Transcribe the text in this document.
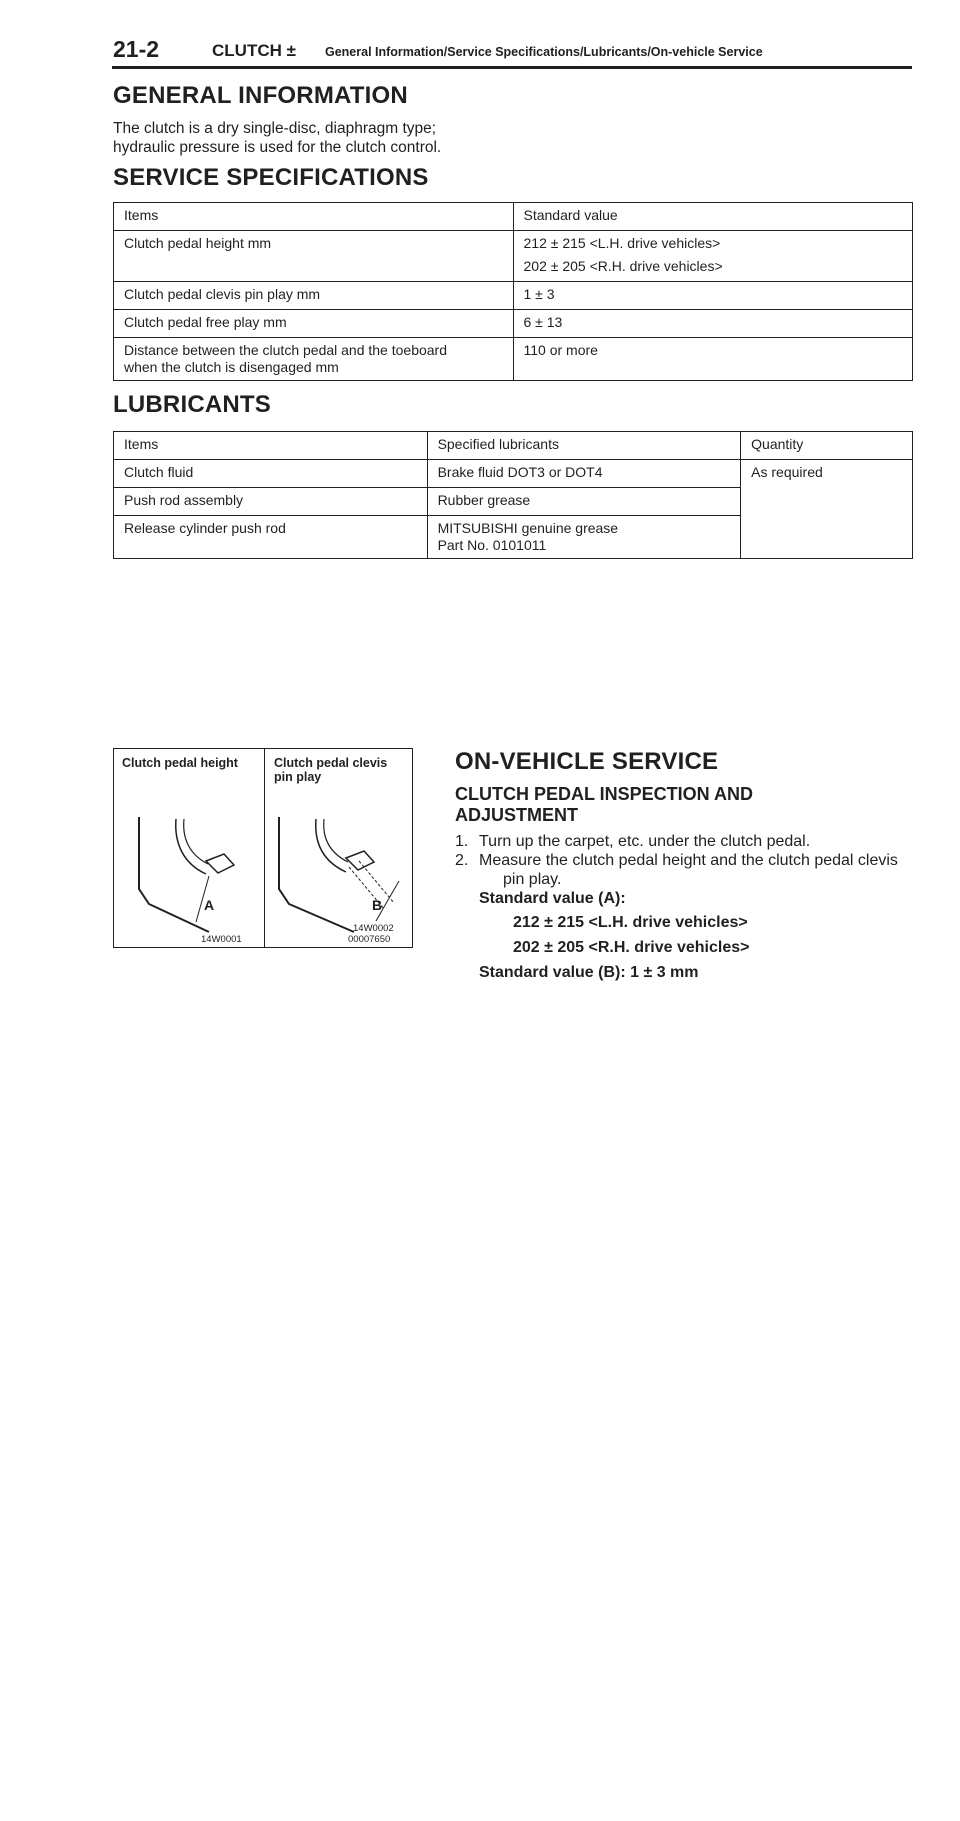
21-2	CLUTCH ± General Information/Service Specifications/Lubricants/On-vehicle Service
GENERAL INFORMATION
The clutch is a dry single-disc, diaphragm type;
hydraulic pressure is used for the clutch control.
SERVICE SPECIFICATIONS
Items	Standard value
Clutch pedal height mm	212 ± 215 <L.H. drive vehicles>
202 ± 205 <R.H. drive vehicles>

Clutch pedal clevis pin play mm	1 ± 3
Clutch pedal free play mm	6 ± 13

Distance between the clutch pedal and the toeboard
when the clutch is disengaged mm	110 or more
LUBRICANTS
Items	Specified lubricants	Quantity
Clutch fluid	Brake fluid DOT3 or DOT4	As required
Push rod assembly	Rubber grease	
Release cylinder push rod	MITSUBISHI genuine grease
Part No. 0101011	
Clutch pedal height	Clutch pedal clevis
pin play
A	B
14W0001
14W0002
00007650
ON-VEHICLE SERVICE
CLUTCH PEDAL INSPECTION AND
ADJUSTMENT
1. Turn up the carpet, etc. under the clutch pedal.
2. Measure the clutch pedal height and the clutch pedal clevis
pin play.
Standard value (A):
212 ± 215 <L.H. drive vehicles>
202 ± 205 <R.H. drive vehicles>
Standard value (B): 1 ± 3 mm
